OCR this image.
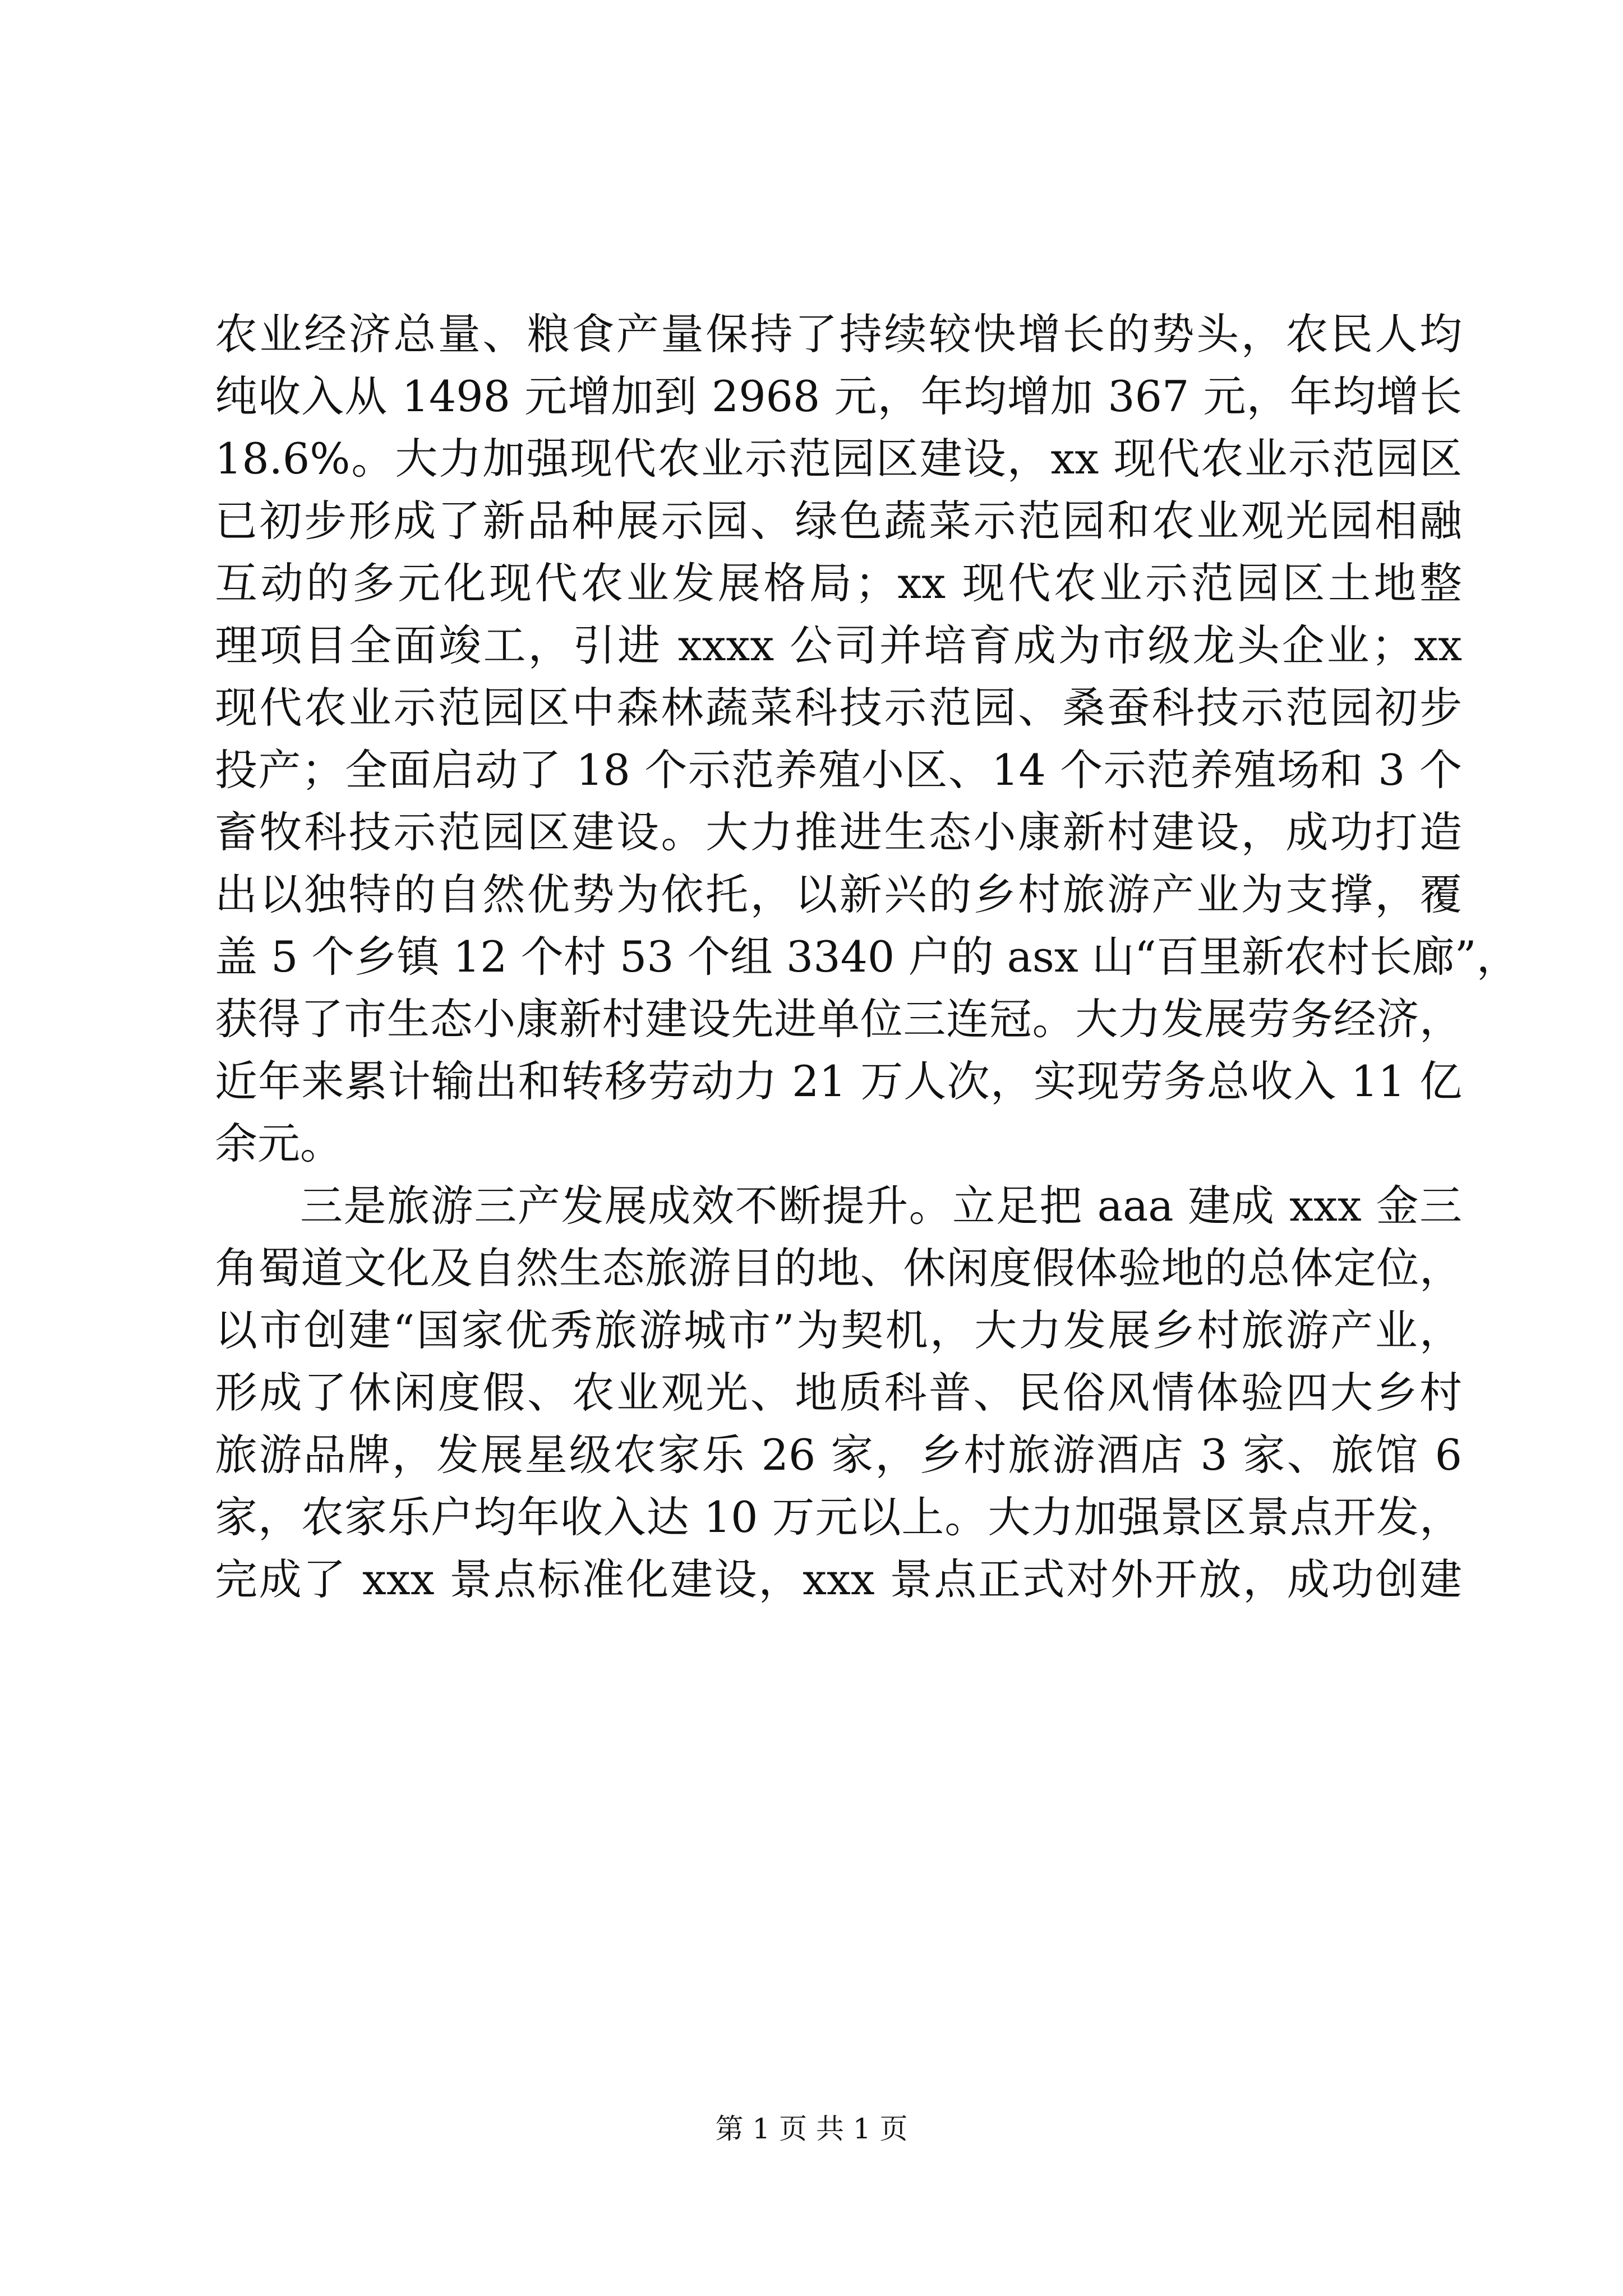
农业经济总量、粮食产量保持了持续较快增长的势头，农民人均
纯收入从 1498 元增加到 2968 元，年均增加 367 元，年均增长
18.6%。大力加强现代农业示范园区建设，xx 现代农业示范园区
已初步形成了新品种展示园、绿色蔬菜示范园和农业观光园相融
互动的多元化现代农业发展格局；xx 现代农业示范园区土地整
理项目全面竣工，引进 xxxx 公司并培育成为市级龙头企业；xx
现代农业示范园区中森林蔬菜科技示范园、桑蚕科技示范园初步
投产；全面启动了 18 个示范养殖小区、14 个示范养殖场和 3 个
畜牧科技示范园区建设。大力推进生态小康新村建设，成功打造
出以独特的自然优势为依托，以新兴的乡村旅游产业为支撑，覆
盖 5 个乡镇 12 个村 53 个组 3340 户的 asx 山“百里新农村长廊”，
获得了市生态小康新村建设先进单位三连冠。大力发展劳务经济，
近年来累计输出和转移劳动力 21 万人次，实现劳务总收入 11 亿
余元。
三是旅游三产发展成效不断提升。立足把 aaa 建成 xxx 金三
角蜀道文化及自然生态旅游目的地、休闲度假体验地的总体定位，
以市创建“国家优秀旅游城市”为契机，大力发展乡村旅游产业，
形成了休闲度假、农业观光、地质科普、民俗风情体验四大乡村
旅游品牌，发展星级农家乐 26 家，乡村旅游酒店 3 家、旅馆 6
家，农家乐户均年收入达 10 万元以上。大力加强景区景点开发，
完成了 xxx 景点标准化建设，xxx 景点正式对外开放，成功创建
第 1 页 共 1 页
